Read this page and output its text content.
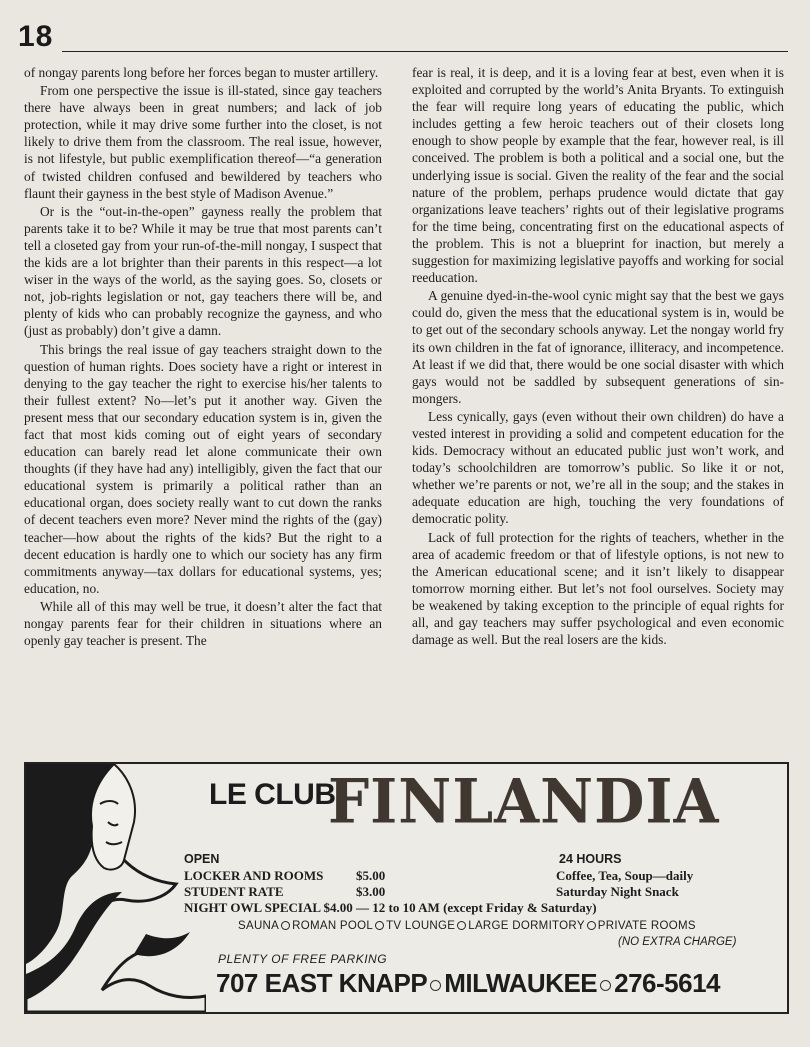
18

of nongay parents long before her forces began to muster artillery.

From one perspective the issue is ill-stated, since gay teachers there have always been in great numbers; and lack of job protection, while it may drive some further into the closet, is not likely to drive them from the classroom. The real issue, however, is not lifestyle, but public exemplification thereof—“a generation of twisted children confused and bewildered by teachers who flaunt their gayness in the best style of Madison Avenue.”

Or is the “out-in-the-open” gayness really the problem that parents take it to be? While it may be true that most parents can’t tell a closeted gay from your run-of-the-mill nongay, I suspect that the kids are a lot brighter than their parents in this respect—a lot wiser in the ways of the world, as the saying goes. So, closets or not, job-rights legislation or not, gay teachers there will be, and plenty of kids who can probably recognize the gayness, and who (just as probably) don’t give a damn.

This brings the real issue of gay teachers straight down to the question of human rights. Does society have a right or interest in denying to the gay teacher the right to exercise his/her talents to their fullest extent? No—let’s put it another way. Given the present mess that our secondary education system is in, given the fact that most kids coming out of eight years of secondary education can barely read let alone communicate their own thoughts (if they have had any) intelligibly, given the fact that our educational system is primarily a political rather than an educational organ, does society really want to cut down the ranks of decent teachers even more? Never mind the rights of the (gay) teacher—how about the rights of the kids? But the right to a decent education is hardly one to which our society has any firm commitments anyway—tax dollars for educational systems, yes; education, no.

While all of this may well be true, it doesn’t alter the fact that nongay parents fear for their children in situations where an openly gay teacher is present. The

fear is real, it is deep, and it is a loving fear at best, even when it is exploited and corrupted by the world’s Anita Bryants. To extinguish the fear will require long years of educating the public, which includes getting a few heroic teachers out of their closets long enough to show people by example that the fear, however real, is ill conceived. The problem is both a political and a social one, but the underlying issue is social. Given the reality of the fear and the social nature of the problem, perhaps prudence would dictate that gay organizations leave teachers’ rights out of their legislative programs for the time being, concentrating first on the educational aspects of the problem. This is not a blueprint for inaction, but merely a suggestion for maximizing legislative payoffs and working for social reeducation.

A genuine dyed-in-the-wool cynic might say that the best we gays could do, given the mess that the educational system is in, would be to get out of the secondary schools anyway. Let the nongay world fry its own children in the fat of ignorance, illiteracy, and incompetence. At least if we did that, there would be one social disaster with which gays would not be saddled by subsequent generations of sin-mongers.

Less cynically, gays (even without their own children) do have a vested interest in providing a solid and competent education for the kids. Democracy without an educated public just won’t work, and today’s schoolchildren are tomorrow’s public. So like it or not, whether we’re parents or not, we’re all in the soup; and the stakes in adequate education are high, touching the very foundations of democratic polity.

Lack of full protection for the rights of teachers, whether in the area of academic freedom or that of lifestyle options, is not new to the American educational scene; and it isn’t likely to disappear tomorrow morning either. But let’s not fool ourselves. Society may be weakened by taking exception to the principle of equal rights for all, and gay teachers may suffer psychological and even economic damage as well. But the real losers are the kids.

LE CLUB
FINLANDIA
OPEN
LOCKER AND ROOMS	$5.00
STUDENT RATE	$3.00
NIGHT OWL SPECIAL $4.00 — 12 to 10 AM (except Friday & Saturday)
24 HOURS
Coffee, Tea, Soup—daily
Saturday Night Snack
SAUNA ROMAN POOL TV LOUNGE LARGE DORMITORY PRIVATE ROOMS
(NO EXTRA CHARGE)
PLENTY OF FREE PARKING
707 EAST KNAPP MILWAUKEE 276-5614
